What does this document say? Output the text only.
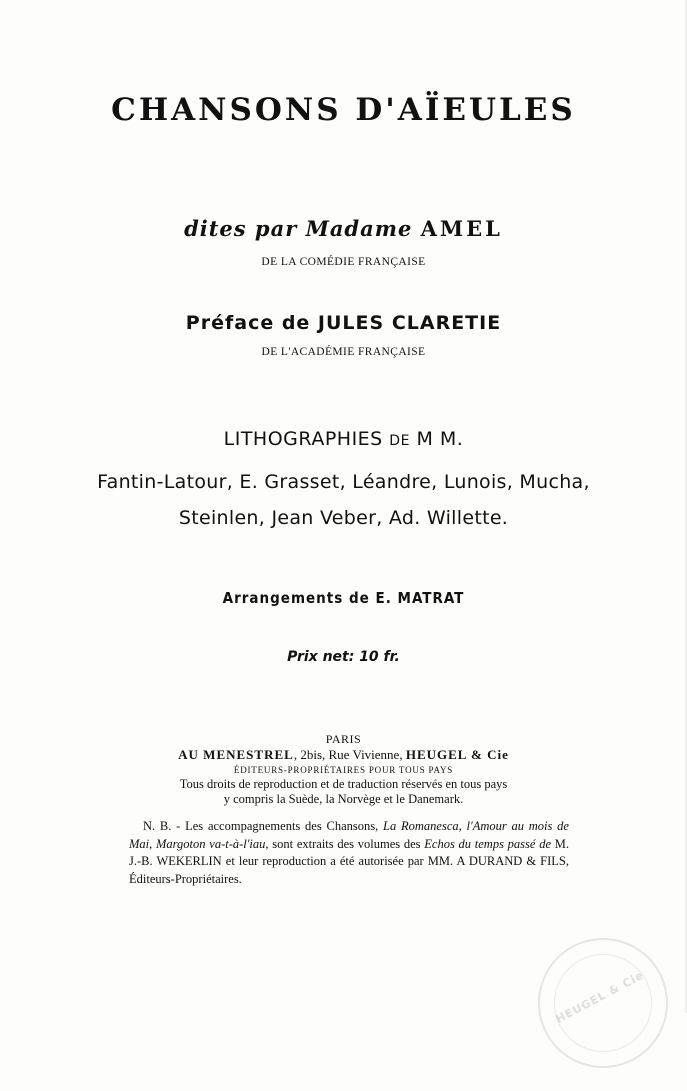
CHANSONS D'AÏEULES
dites par Madame AMEL
DE LA COMÉDIE FRANÇAISE
Préface de JULES CLARETIE
DE L'ACADÉMIE FRANÇAISE
LITHOGRAPHIES DE M M.
Fantin-Latour, E. Grasset, Léandre, Lunois, Mucha,
Steinlen, Jean Veber, Ad. Willette.
Arrangements de E. MATRAT
Prix net: 10 fr.
PARIS
AU MENESTREL, 2bis, Rue Vivienne, HEUGEL & Cie
ÉDITEURS-PROPRIÉTAIRES POUR TOUS PAYS
Tous droits de reproduction et de traduction réservés en tous pays
y compris la Suède, la Norvège et le Danemark.
N. B. - Les accompagnements des Chansons, La Romanesca, l'Amour au mois de Mai, Margoton va-t-à-l'iau, sont extraits des volumes des Echos du temps passé de M. J.-B. WEKERLIN et leur reproduction a été autorisée par MM. A DURAND & FILS, Éditeurs-Propriétaires.
HEUGEL & Cie
